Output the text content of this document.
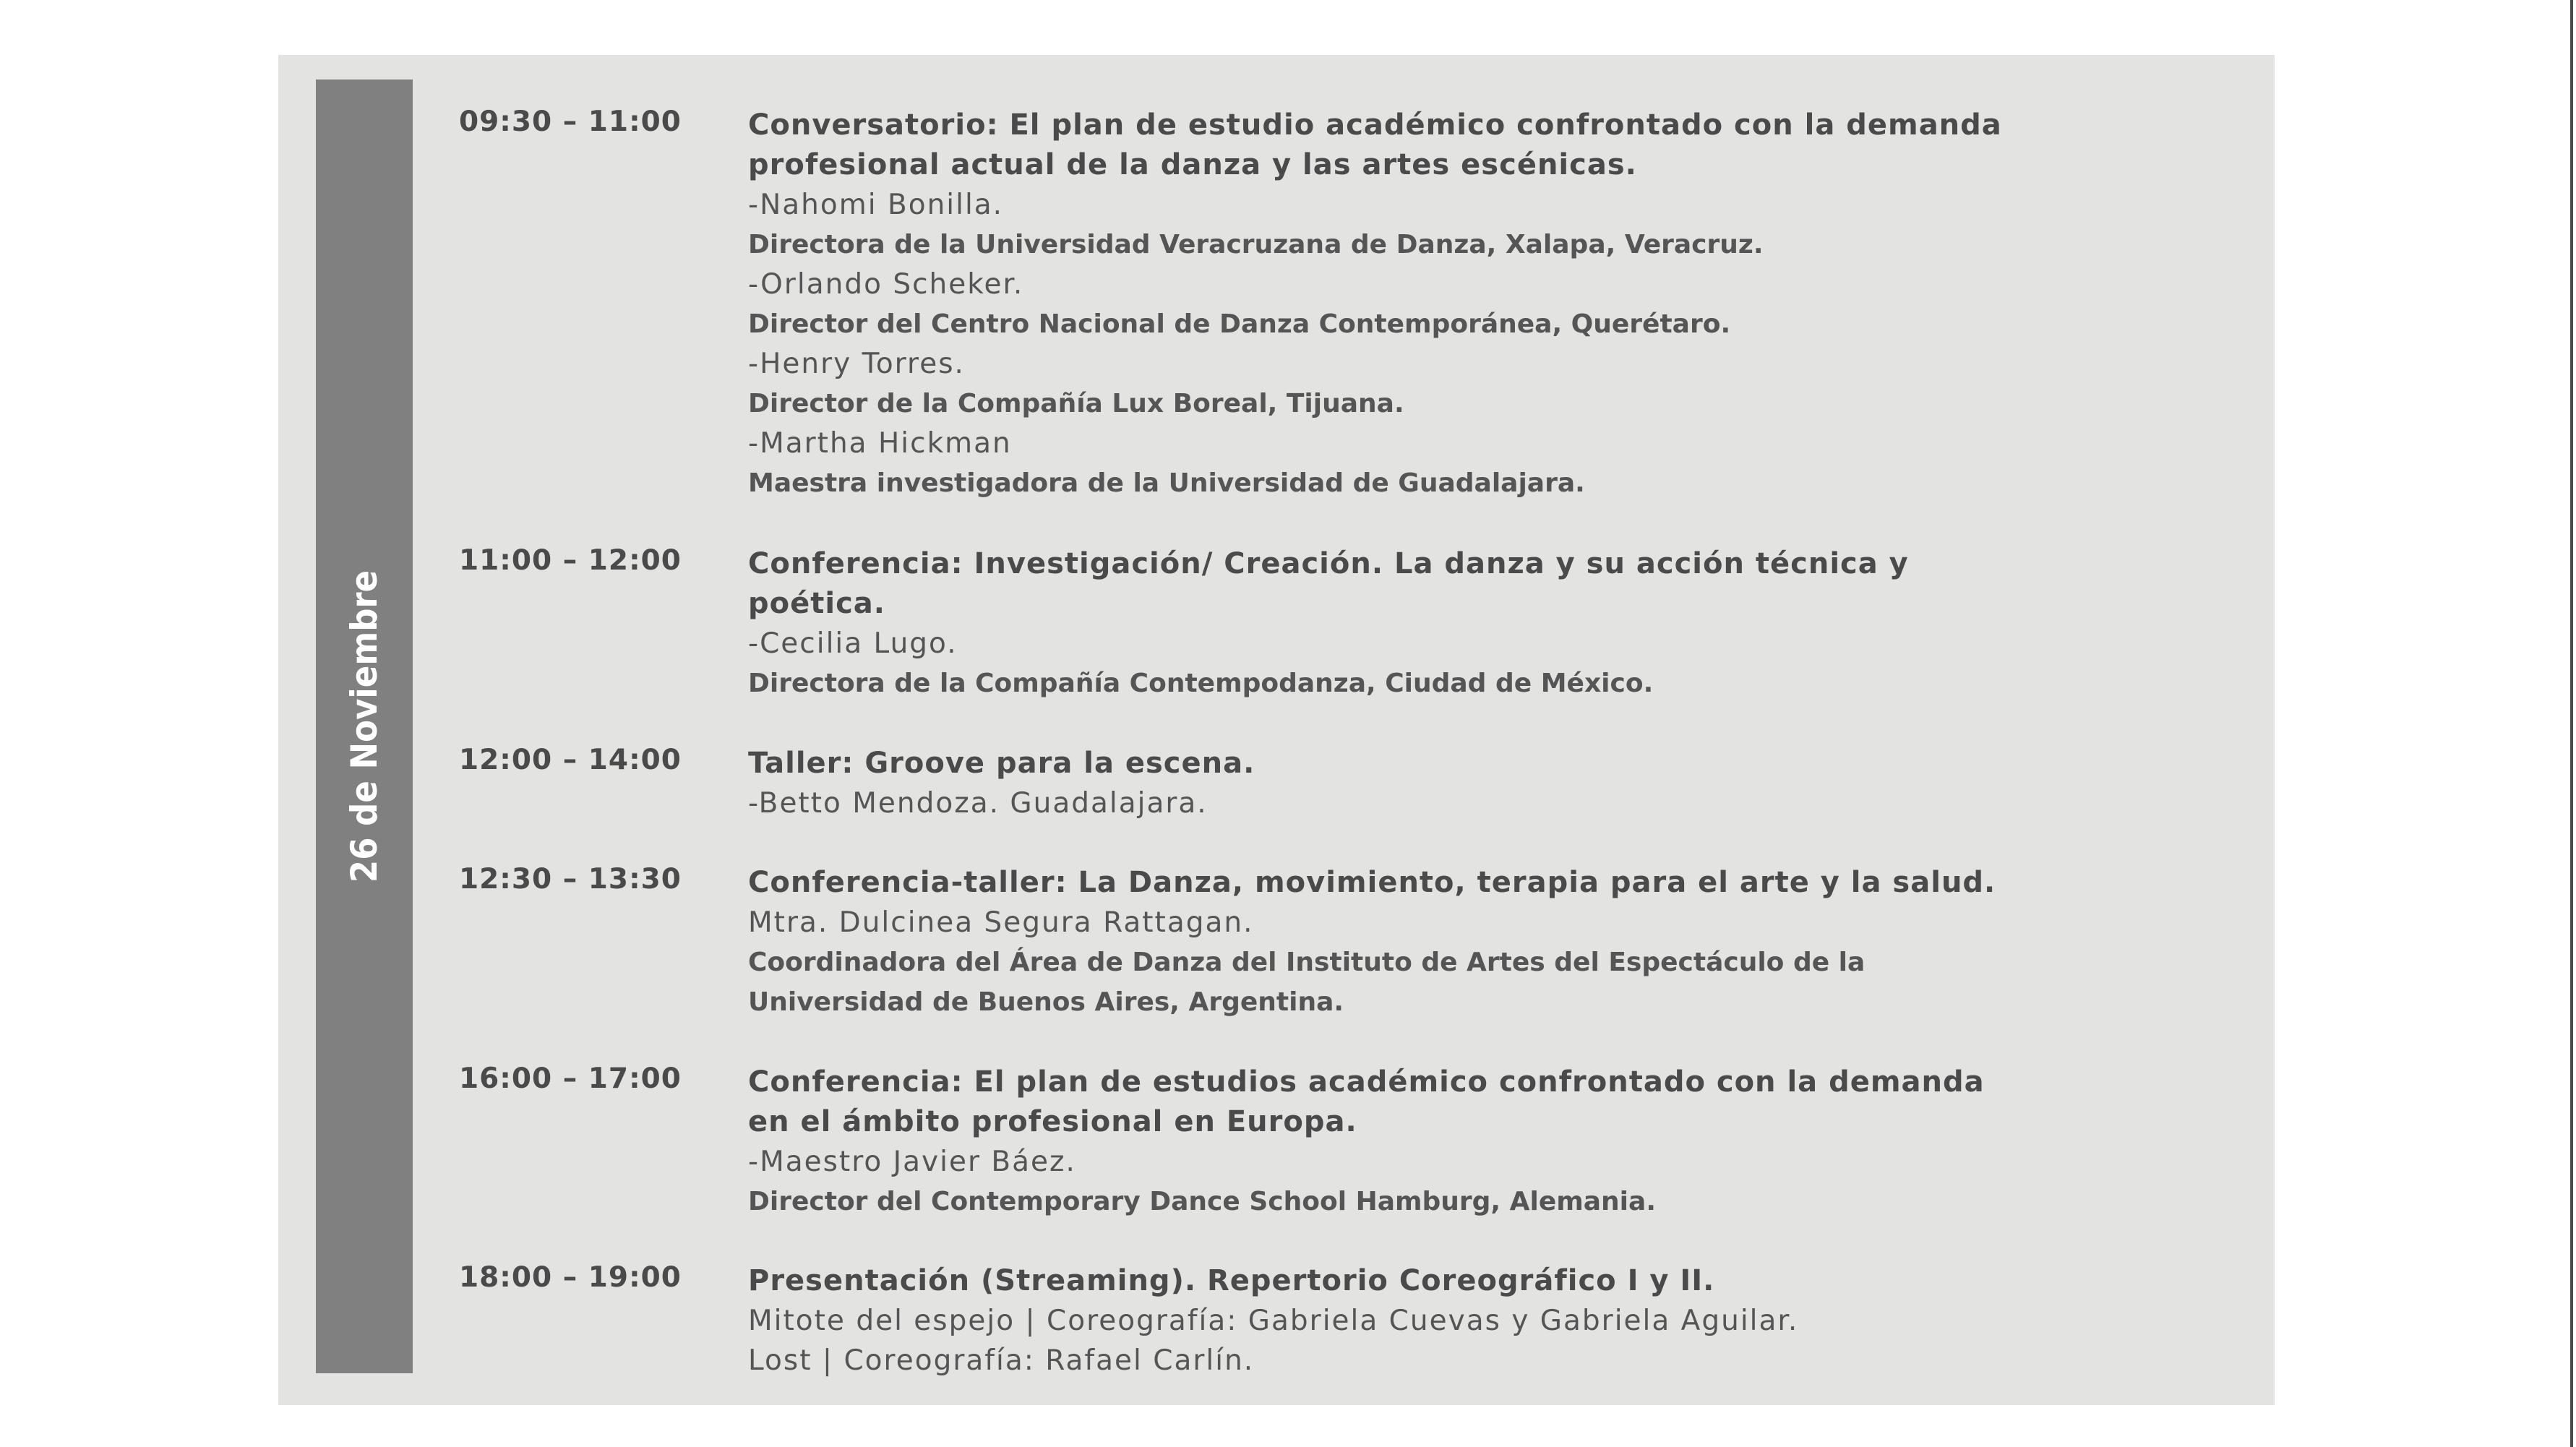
26 de Noviembre
09:30 – 11:00 Conversatorio: El plan de estudio académico confrontado con la demanda
profesional actual de la danza y las artes escénicas.
-Nahomi Bonilla.
Directora de la Universidad Veracruzana de Danza, Xalapa, Veracruz.
-Orlando Scheker.
Director del Centro Nacional de Danza Contemporánea, Querétaro.
-Henry Torres.
Director de la Compañía Lux Boreal, Tijuana.
-Martha Hickman
Maestra investigadora de la Universidad de Guadalajara.
11:00 – 12:00 Conferencia: Investigación/ Creación. La danza y su acción técnica y
poética.
-Cecilia Lugo.
Directora de la Compañía Contempodanza, Ciudad de México.
12:00 – 14:00 Taller: Groove para la escena.
-Betto Mendoza. Guadalajara.
12:30 – 13:30 Conferencia-taller: La Danza, movimiento, terapia para el arte y la salud.
Mtra. Dulcinea Segura Rattagan.
Coordinadora del Área de Danza del Instituto de Artes del Espectáculo de la
Universidad de Buenos Aires, Argentina.
16:00 – 17:00 Conferencia: El plan de estudios académico confrontado con la demanda
en el ámbito profesional en Europa.
-Maestro Javier Báez.
Director del Contemporary Dance School Hamburg, Alemania.
18:00 – 19:00 Presentación (Streaming). Repertorio Coreográfico I y II.
Mitote del espejo | Coreografía: Gabriela Cuevas y Gabriela Aguilar.
Lost | Coreografía: Rafael Carlín.
